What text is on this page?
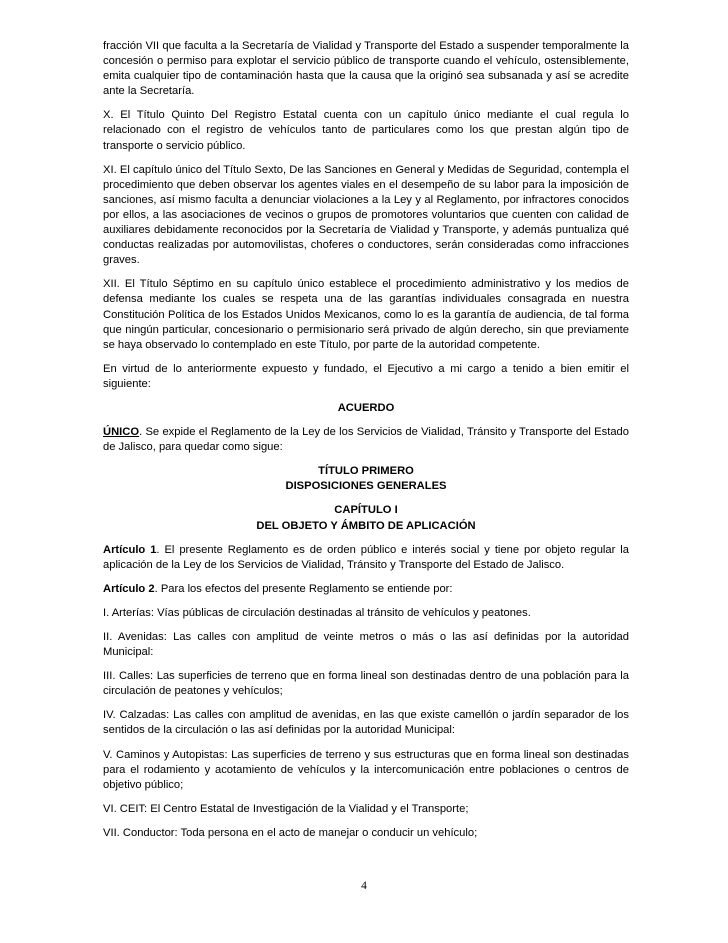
fracción VII que faculta a la Secretaría de Vialidad y Transporte del Estado a suspender temporalmente la concesión o permiso para explotar el servicio público de transporte cuando el vehículo, ostensiblemente, emita cualquier tipo de contaminación hasta que la causa que la originó sea subsanada y así se acredite ante la Secretaría.

X. El Título Quinto Del Registro Estatal cuenta con un capítulo único mediante el cual regula lo relacionado con el registro de vehículos tanto de particulares como los que prestan algún tipo de transporte o servicio público.

XI. El capítulo único del Título Sexto, De las Sanciones en General y Medidas de Seguridad, contempla el procedimiento que deben observar los agentes viales en el desempeño de su labor para la imposición de sanciones, así mismo faculta a denunciar violaciones a la Ley y al Reglamento, por infractores conocidos por ellos, a las asociaciones de vecinos o grupos de promotores voluntarios que cuenten con calidad de auxiliares debidamente reconocidos por la Secretaría de Vialidad y Transporte, y además puntualiza qué conductas realizadas por automovilistas, choferes o conductores, serán consideradas como infracciones graves.

XII. El Título Séptimo en su capítulo único establece el procedimiento administrativo y los medios de defensa mediante los cuales se respeta una de las garantías individuales consagrada en nuestra Constitución Política de los Estados Unidos Mexicanos, como lo es la garantía de audiencia, de tal forma que ningún particular, concesionario o permisionario será privado de algún derecho, sin que previamente se haya observado lo contemplado en este Título, por parte de la autoridad competente.

En virtud de lo anteriormente expuesto y fundado, el Ejecutivo a mi cargo a tenido a bien emitir el siguiente:

ACUERDO

ÚNICO. Se expide el Reglamento de la Ley de los Servicios de Vialidad, Tránsito y Transporte del Estado de Jalisco, para quedar como sigue:

TÍTULO PRIMERO
DISPOSICIONES GENERALES
CAPÍTULO I
DEL OBJETO Y ÁMBITO DE APLICACIÓN

Artículo 1. El presente Reglamento es de orden público e interés social y tiene por objeto regular la aplicación de la Ley de los Servicios de Vialidad, Tránsito y Transporte del Estado de Jalisco.

Artículo 2. Para los efectos del presente Reglamento se entiende por:

I. Arterías: Vías públicas de circulación destinadas al tránsito de vehículos y peatones.

II. Avenidas: Las calles con amplitud de veinte metros o más o las así definidas por la autoridad Municipal:

III. Calles: Las superficies de terreno que en forma lineal son destinadas dentro de una población para la circulación de peatones y vehículos;

IV. Calzadas: Las calles con amplitud de avenidas, en las que existe camellón o jardín separador de los sentidos de la circulación o las así definidas por la autoridad Municipal:

V. Caminos y Autopistas: Las superficies de terreno y sus estructuras que en forma lineal son destinadas para el rodamiento y acotamiento de vehículos y la intercomunicación entre poblaciones o centros de objetivo público;

VI. CEIT: El Centro Estatal de Investigación de la Vialidad y el Transporte;

VII. Conductor: Toda persona en el acto de manejar o conducir un vehículo;

4
